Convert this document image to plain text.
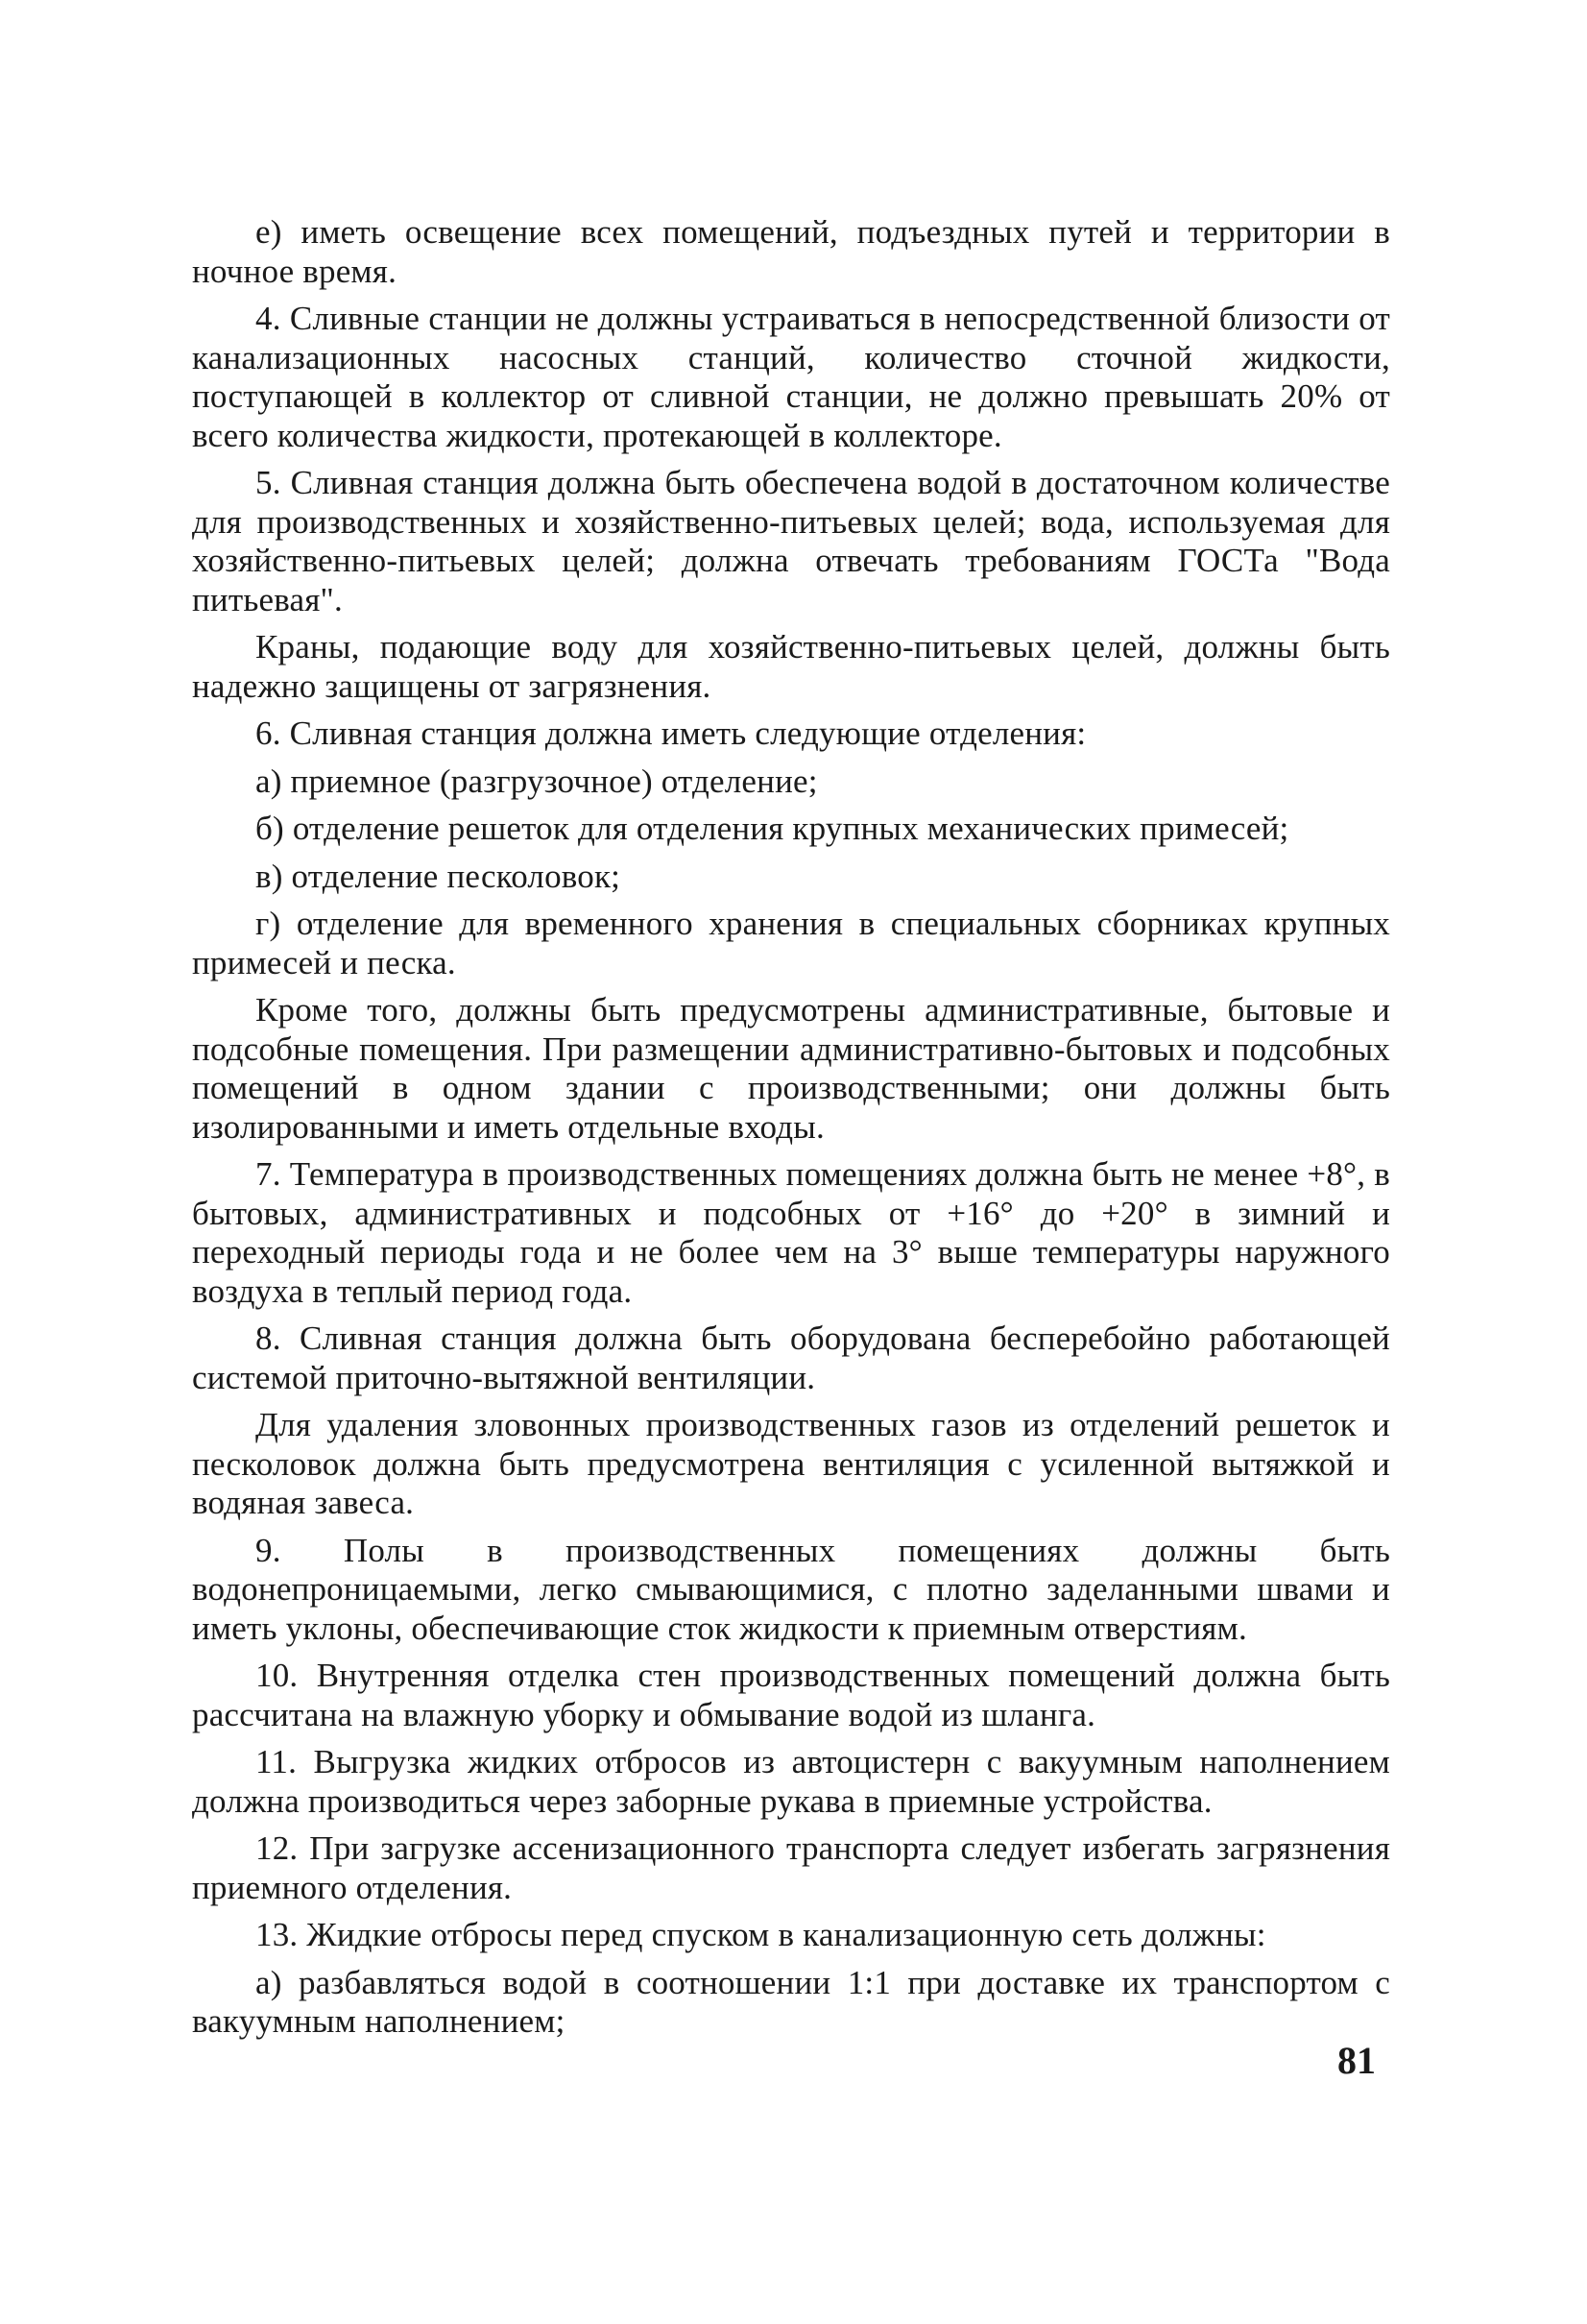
е) иметь освещение всех помещений, подъездных путей и территории в ночное время.

4. Сливные станции не должны устраиваться в непосредственной близости от канализационных насосных станций, количество сточной жидкости, поступающей в коллектор от сливной станции, не должно превышать 20% от всего количества жидкости, протекающей в коллекторе.

5. Сливная станция должна быть обеспечена водой в достаточном количестве для производственных и хозяйственно-питьевых целей; вода, используемая для хозяйственно-питьевых целей; должна отвечать требованиям ГОСТа "Вода питьевая".

Краны, подающие воду для хозяйственно-питьевых целей, должны быть надежно защищены от загрязнения.

6. Сливная станция должна иметь следующие отделения:

а) приемное (разгрузочное) отделение;

б) отделение решеток для отделения крупных механических примесей;

в) отделение песколовок;

г) отделение для временного хранения в специальных сборниках крупных примесей и песка.

Кроме того, должны быть предусмотрены административные, бытовые и подсобные помещения. При размещении административно-бытовых и подсобных помещений в одном здании с производственными; они должны быть изолированными и иметь отдельные входы.

7. Температура в производственных помещениях должна быть не менее +8°, в бытовых, административных и подсобных от +16° до +20° в зимний и переходный периоды года и не более чем на 3° выше температуры наружного воздуха в теплый период года.

8. Сливная станция должна быть оборудована бесперебойно работающей системой приточно-вытяжной вентиляции.

Для удаления зловонных производственных газов из отделений решеток и песколовок должна быть предусмотрена вентиляция с усиленной вытяжкой и водяная завеса.

9. Полы в производственных помещениях должны быть водонепроницаемыми, легко смывающимися, с плотно заделанными швами и иметь уклоны, обеспечивающие сток жидкости к приемным отверстиям.

10. Внутренняя отделка стен производственных помещений должна быть рассчитана на влажную уборку и обмывание водой из шланга.

11. Выгрузка жидких отбросов из автоцистерн с вакуумным наполнением должна производиться через заборные рукава в приемные устройства.

12. При загрузке ассенизационного транспорта следует избегать загрязнения приемного отделения.

13. Жидкие отбросы перед спуском в канализационную сеть должны:

а) разбавляться водой в соотношении 1:1 при доставке их транспортом с вакуумным наполнением;

81
